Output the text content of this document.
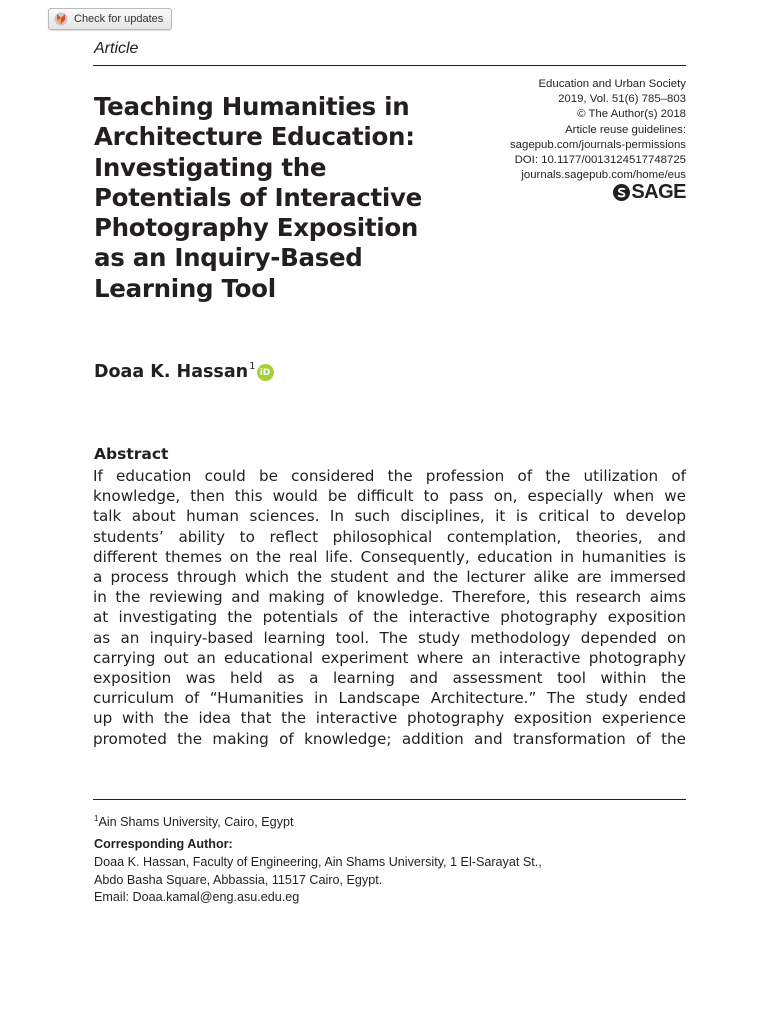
Check for updates
Article
Education and Urban Society
2019, Vol. 51(6) 785–803
© The Author(s) 2018
Article reuse guidelines:
sagepub.com/journals-permissions
DOI: 10.1177/0013124517748725
journals.sagepub.com/home/eus
SAGE
Teaching Humanities in
Architecture Education:
Investigating the
Potentials of Interactive
Photography Exposition
as an Inquiry-Based
Learning Tool
Doaa K. Hassan$^1$
iD
Abstract
If education could be considered the profession of the utilization of
knowledge, then this would be difficult to pass on, especially when we
talk about human sciences. In such disciplines, it is critical to develop
students’ ability to reflect philosophical contemplation, theories, and
different themes on the real life. Consequently, education in humanities is
a process through which the student and the lecturer alike are immersed
in the reviewing and making of knowledge. Therefore, this research aims
at investigating the potentials of the interactive photography exposition
as an inquiry-based learning tool. The study methodology depended on
carrying out an educational experiment where an interactive photography
exposition was held as a learning and assessment tool within the
curriculum of “Humanities in Landscape Architecture.” The study ended
up with the idea that the interactive photography exposition experience
promoted the making of knowledge; addition and transformation of the
$^1$Ain Shams University, Cairo, Egypt
Corresponding Author:
Doaa K. Hassan, Faculty of Engineering, Ain Shams University, 1 El-Sarayat St.,
Abdo Basha Square, Abbassia, 11517 Cairo, Egypt.
Email: Doaa.kamal@eng.asu.edu.eg
